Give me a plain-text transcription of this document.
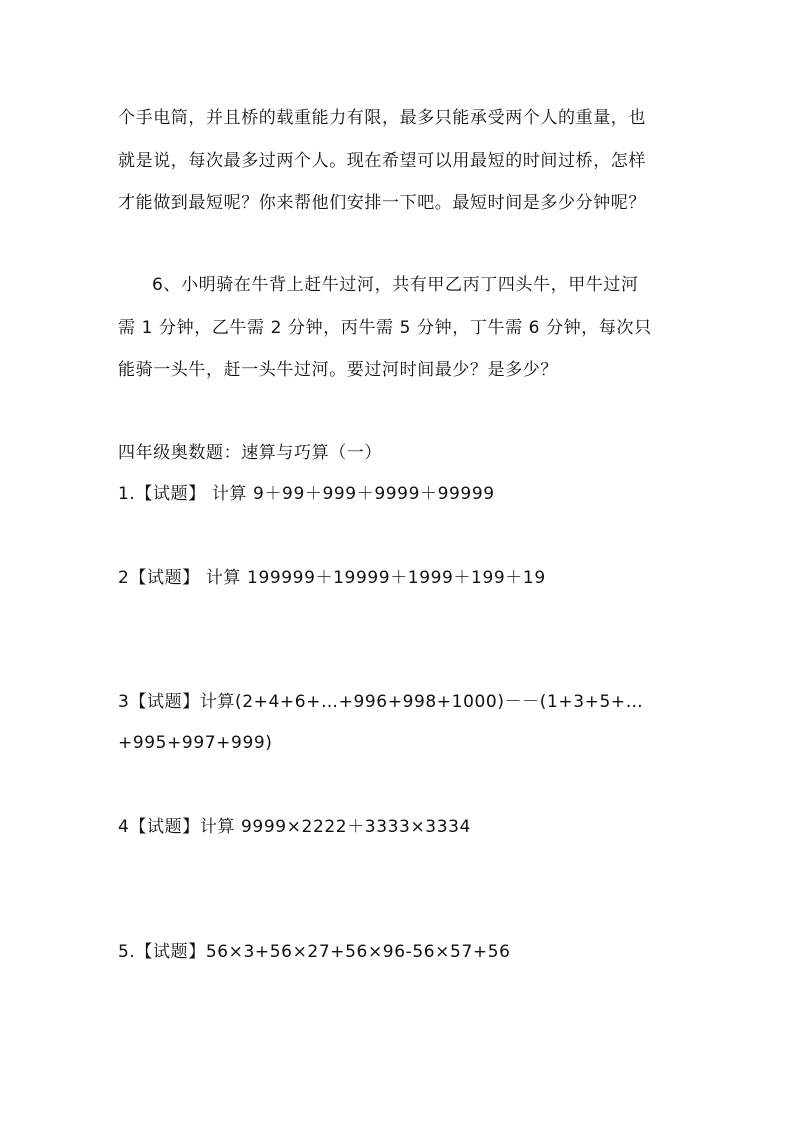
个手电筒，并且桥的载重能力有限，最多只能承受两个人的重量，也
就是说，每次最多过两个人。现在希望可以用最短的时间过桥，怎样
才能做到最短呢？你来帮他们安排一下吧。最短时间是多少分钟呢？
6、小明骑在牛背上赶牛过河，共有甲乙丙丁四头牛，甲牛过河
需 1 分钟，乙牛需 2 分钟，丙牛需 5 分钟，丁牛需 6 分钟，每次只
能骑一头牛，赶一头牛过河。要过河时间最少？是多少？
四年级奥数题：速算与巧算（一）
1.【试题】 计算 9＋99＋999＋9999＋99999
2【试题】 计算 199999＋19999＋1999＋199＋19
3【试题】计算(2+4+6+…+996+998+1000)－－(1+3+5+…
+995+997+999)
4【试题】计算 9999×2222＋3333×3334
5.【试题】56×3+56×27+56×96-56×57+56
